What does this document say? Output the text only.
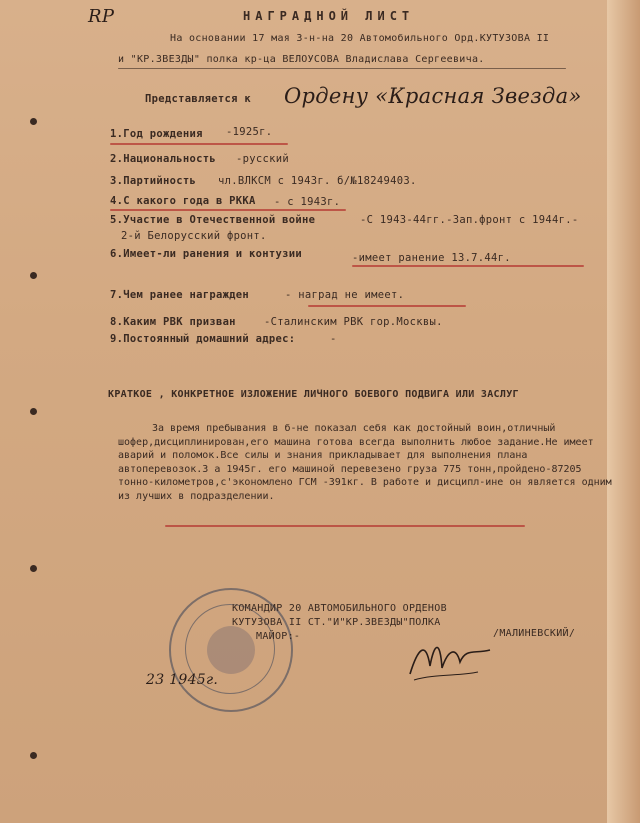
RP	НАГРАДНОЙ ЛИСТ
На основании 17 мая 3-н-на 20 Автомобильного Орд.КУТУЗОВА II
и "КР.ЗВЕЗДЫ" полка кр-ца ВЕЛОУСОВА Владислава Сергеевича.
Представляется к Ордену «Красная Звезда»
1.Год рождения -1925г.
2.Национальность -русский
3.Партийность чл.ВЛКСМ с 1943г. б/№18249403.
4.С какого года в РККА - с 1943г.
5.Участие в Отечественной войне	-С 1943-44гг.-Зап.фронт с 1944г.-
2-й Белорусский фронт.
6.Имеет-ли ранения и контузии	-имеет ранение 13.7.44г.
7.Чем ранее награжден	- наград не имеет.
8.Каким РВК призван	-Сталинским РВК гор.Москвы.
9.Постоянный домашний адрес:	-
КРАТКОЕ , КОНКРЕТНОЕ ИЗЛОЖЕНИЕ ЛИЧНОГО БОЕВОГО ПОДВИГА ИЛИ ЗАСЛУГ
За время пребывания в б-не показал себя как достойный воин,отличный шофер,дисциплинирован,его машина готова всегда выполнить любое задание.Не имеет аварий и поломок.Все силы и знания прикладывает для выполнения плана автоперевозок.З а 1945г. его машиной перевезено груза 775 тонн,пройдено-87205 тонно-километров,с'экономлено ГСМ -391кг. В работе и дисципл-ине он является одним из лучших в подразделении.
КОМАНДИР 20 АВТОМОБИЛЬНОГО ОРДЕНОВ
КУТУЗОВА II СТ."И"КР.ЗВЕЗДЫ"ПОЛКА
МАЙОР:-	/МАЛИНЕВСКИЙ/
23 1945г.
